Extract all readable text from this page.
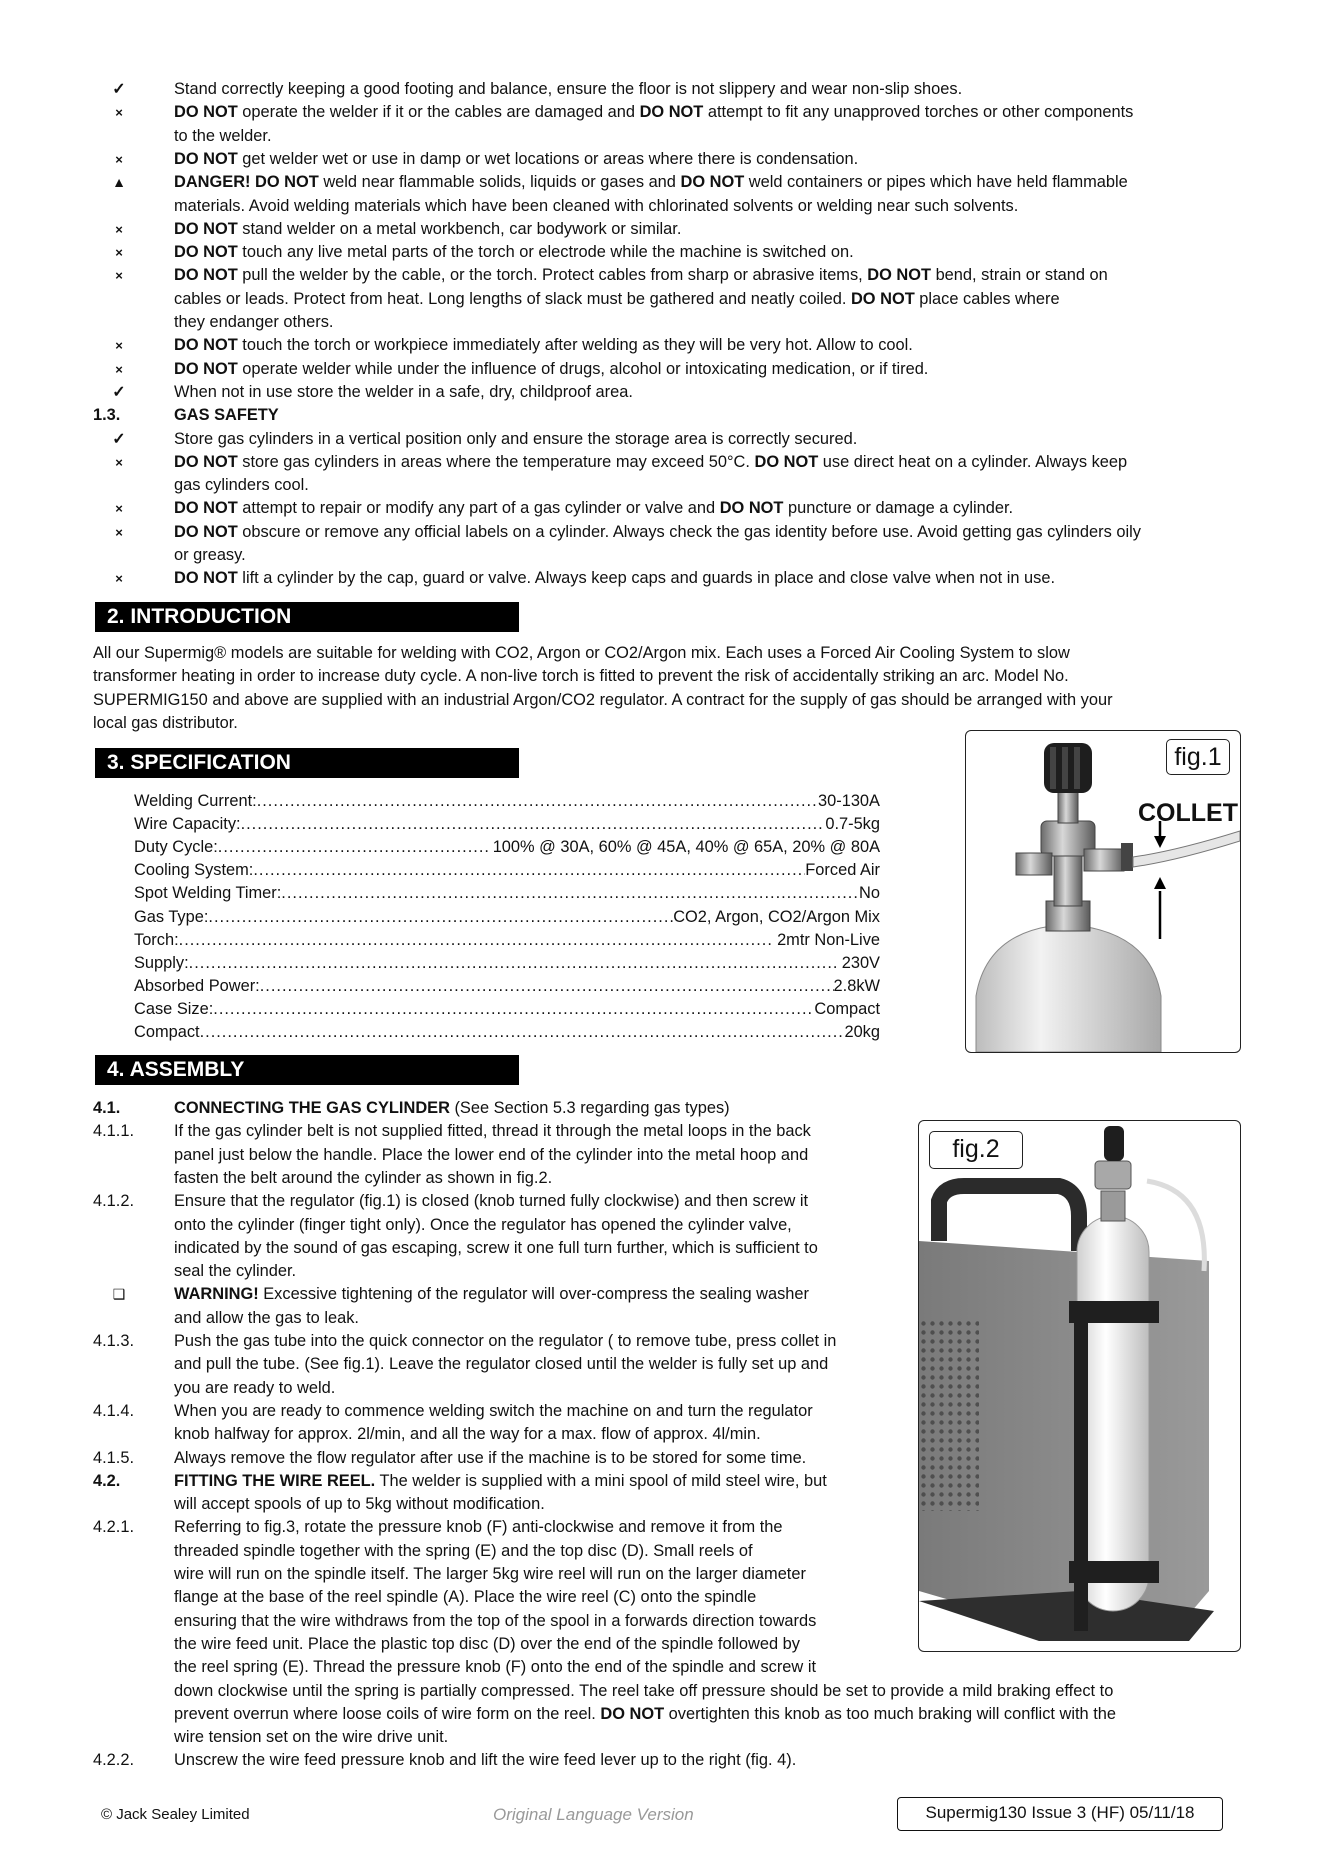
✓	Stand correctly keeping a good footing and balance, ensure the floor is not slippery and wear non-slip shoes.
×	DO NOT operate the welder if it or the cables are damaged and DO NOT attempt to fit any unapproved torches or other components
to the welder.
×	DO NOT get welder wet or use in damp or wet locations or areas where there is condensation.
▲	DANGER! DO NOT weld near flammable solids, liquids or gases and DO NOT weld containers or pipes which have held flammable
materials. Avoid welding materials which have been cleaned with chlorinated solvents or welding near such solvents.
×	DO NOT stand welder on a metal workbench, car bodywork or similar.
×	DO NOT touch any live metal parts of the torch or electrode while the machine is switched on.
×	DO NOT pull the welder by the cable, or the torch. Protect cables from sharp or abrasive items, DO NOT bend, strain or stand on
cables or leads. Protect from heat. Long lengths of slack must be gathered and neatly coiled. DO NOT place cables where
they endanger others.
×	DO NOT touch the torch or workpiece immediately after welding as they will be very hot. Allow to cool.
×	DO NOT operate welder while under the influence of drugs, alcohol or intoxicating medication, or if tired.
✓	When not in use store the welder in a safe, dry, childproof area.
1.3.	GAS SAFETY
✓	Store gas cylinders in a vertical position only and ensure the storage area is correctly secured.
×	DO NOT store gas cylinders in areas where the temperature may exceed 50°C. DO NOT use direct heat on a cylinder. Always keep
gas cylinders cool.
×	DO NOT attempt to repair or modify any part of a gas cylinder or valve and DO NOT puncture or damage a cylinder.
×	DO NOT obscure or remove any official labels on a cylinder. Always check the gas identity before use. Avoid getting gas cylinders oily
or greasy.
×	DO NOT lift a cylinder by the cap, guard or valve. Always keep caps and guards in place and close valve when not in use.
2. INTRODUCTION
All our Supermig® models are suitable for welding with CO2, Argon or CO2/Argon mix. Each uses a Forced Air Cooling System to slow
transformer heating in order to increase duty cycle. A non-live torch is fitted to prevent the risk of accidentally striking an arc. Model No.
SUPERMIG150 and above are supplied with an industrial Argon/CO2 regulator. A contract for the supply of gas should be arranged with your
local gas distributor.
3. SPECIFICATION
Welding Current: .....	30-130A
Wire Capacity: .....	0.7-5kg
Duty Cycle: .....	100% @ 30A, 60% @ 45A, 40% @ 65A, 20% @ 80A
Cooling System: .....	Forced Air
Spot Welding Timer: .....	No
Gas Type: .....	CO2, Argon, CO2/Argon Mix
Torch: .....	2mtr Non-Live
Supply: .....	230V
Absorbed Power: .....	2.8kW
Case Size: .....	Compact
Compact .....	20kg
COLLET
fig.1
4. ASSEMBLY
4.1.	CONNECTING THE GAS CYLINDER (See Section 5.3 regarding gas types)
4.1.1. If the gas cylinder belt is not supplied fitted, thread it through the metal loops in the back
panel just below the handle. Place the lower end of the cylinder into the metal hoop and
fasten the belt around the cylinder as shown in fig.2.
4.1.2. Ensure that the regulator (fig.1) is closed (knob turned fully clockwise) and then screw it
onto the cylinder (finger tight only). Once the regulator has opened the cylinder valve,
indicated by the sound of gas escaping, screw it one full turn further, which is sufficient to
seal the cylinder.
❑	WARNING! Excessive tightening of the regulator will over-compress the sealing washer
and allow the gas to leak.
4.1.3. Push the gas tube into the quick connector on the regulator ( to remove tube, press collet in
and pull the tube. (See fig.1). Leave the regulator closed until the welder is fully set up and
you are ready to weld.
4.1.4. When you are ready to commence welding switch the machine on and turn the regulator
knob halfway for approx. 2l/min, and all the way for a max. flow of approx. 4l/min.
4.1.5. Always remove the flow regulator after use if the machine is to be stored for some time.
4.2.	FITTING THE WIRE REEL. The welder is supplied with a mini spool of mild steel wire, but
will accept spools of up to 5kg without modification.
4.2.1. Referring to fig.3, rotate the pressure knob (F) anti-clockwise and remove it from the
threaded spindle together with the spring (E) and the top disc (D). Small reels of
wire will run on the spindle itself. The larger 5kg wire reel will run on the larger diameter
flange at the base of the reel spindle (A). Place the wire reel (C) onto the spindle
ensuring that the wire withdraws from the top of the spool in a forwards direction towards
the wire feed unit. Place the plastic top disc (D) over the end of the spindle followed by
the reel spring (E). Thread the pressure knob (F) onto the end of the spindle and screw it
down clockwise until the spring is partially compressed. The reel take off pressure should be set to provide a mild braking effect to
prevent overrun where loose coils of wire form on the reel. DO NOT overtighten this knob as too much braking will conflict with the
wire tension set on the wire drive unit.
4.2.2. Unscrew the wire feed pressure knob and lift the wire feed lever up to the right (fig. 4).
fig.2
© Jack Sealey Limited	Original Language Version	Supermig130 Issue 3 (HF) 05/11/18
